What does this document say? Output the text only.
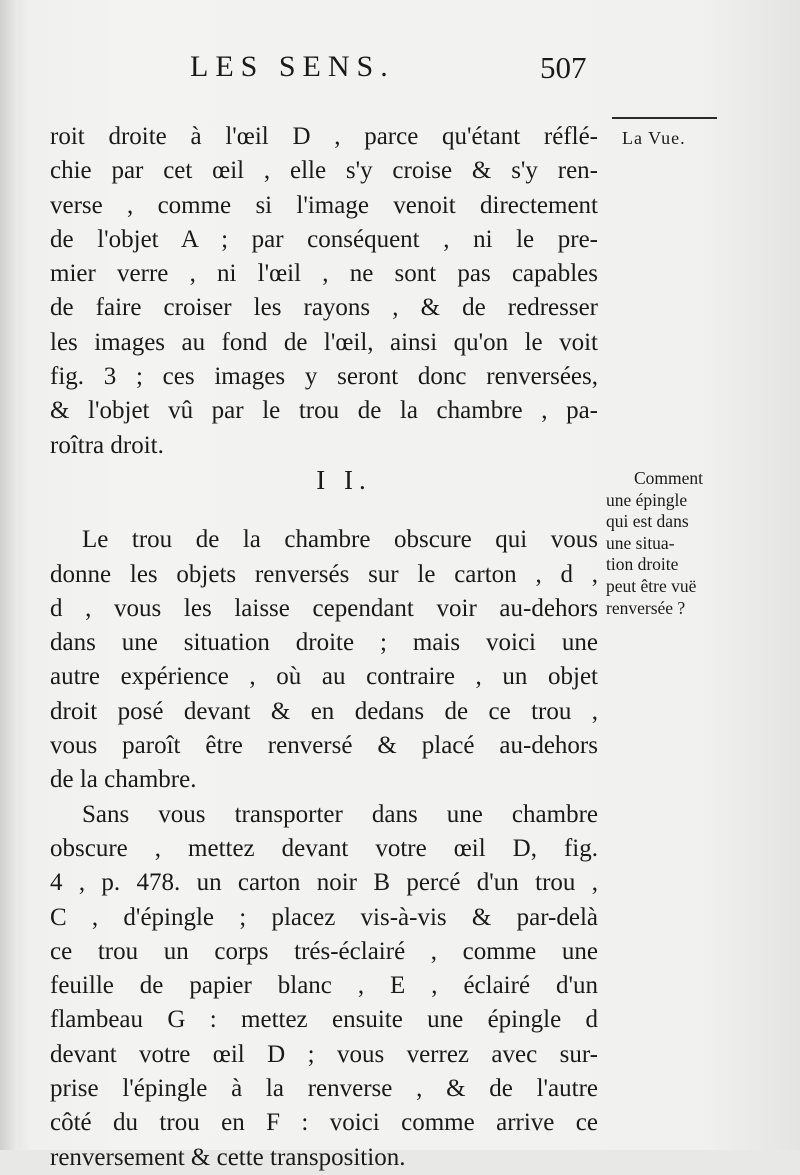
LES SENS.	507
La Vue.
roit droite à l'œil D , parce qu'étant réflé-
chie par cet œil , elle s'y croise & s'y ren-
verse , comme si l'image venoit directement
de l'objet A ; par conséquent , ni le pre-
mier verre , ni l'œil , ne sont pas capables
de faire croiser les rayons , & de redresser
les images au fond de l'œil, ainsi qu'on le voit
fig. 3 ; ces images y seront donc renversées,
& l'objet vû par le trou de la chambre , pa-
roîtra droit.
I I.
Le trou de la chambre obscure qui vous
donne les objets renversés sur le carton , d ,
d , vous les laisse cependant voir au-dehors
dans une situation droite ; mais voici une
autre expérience , où au contraire , un objet
droit posé devant & en dedans de ce trou ,
vous paroît être renversé & placé au-dehors
de la chambre.
Sans vous transporter dans une chambre
obscure , mettez devant votre œil D, fig.
4 , p. 478. un carton noir B percé d'un trou ,
C , d'épingle ; placez vis-à-vis & par-delà
ce trou un corps trés-éclairé , comme une
feuille de papier blanc , E , éclairé d'un
flambeau G : mettez ensuite une épingle d
devant votre œil D ; vous verrez avec sur-
prise l'épingle à la renverse , & de l'autre
côté du trou en F : voici comme arrive ce
renversement & cette transposition.
Comment
une épingle
qui est dans
une situa-
tion droite
peut être vuë
renversée ?
